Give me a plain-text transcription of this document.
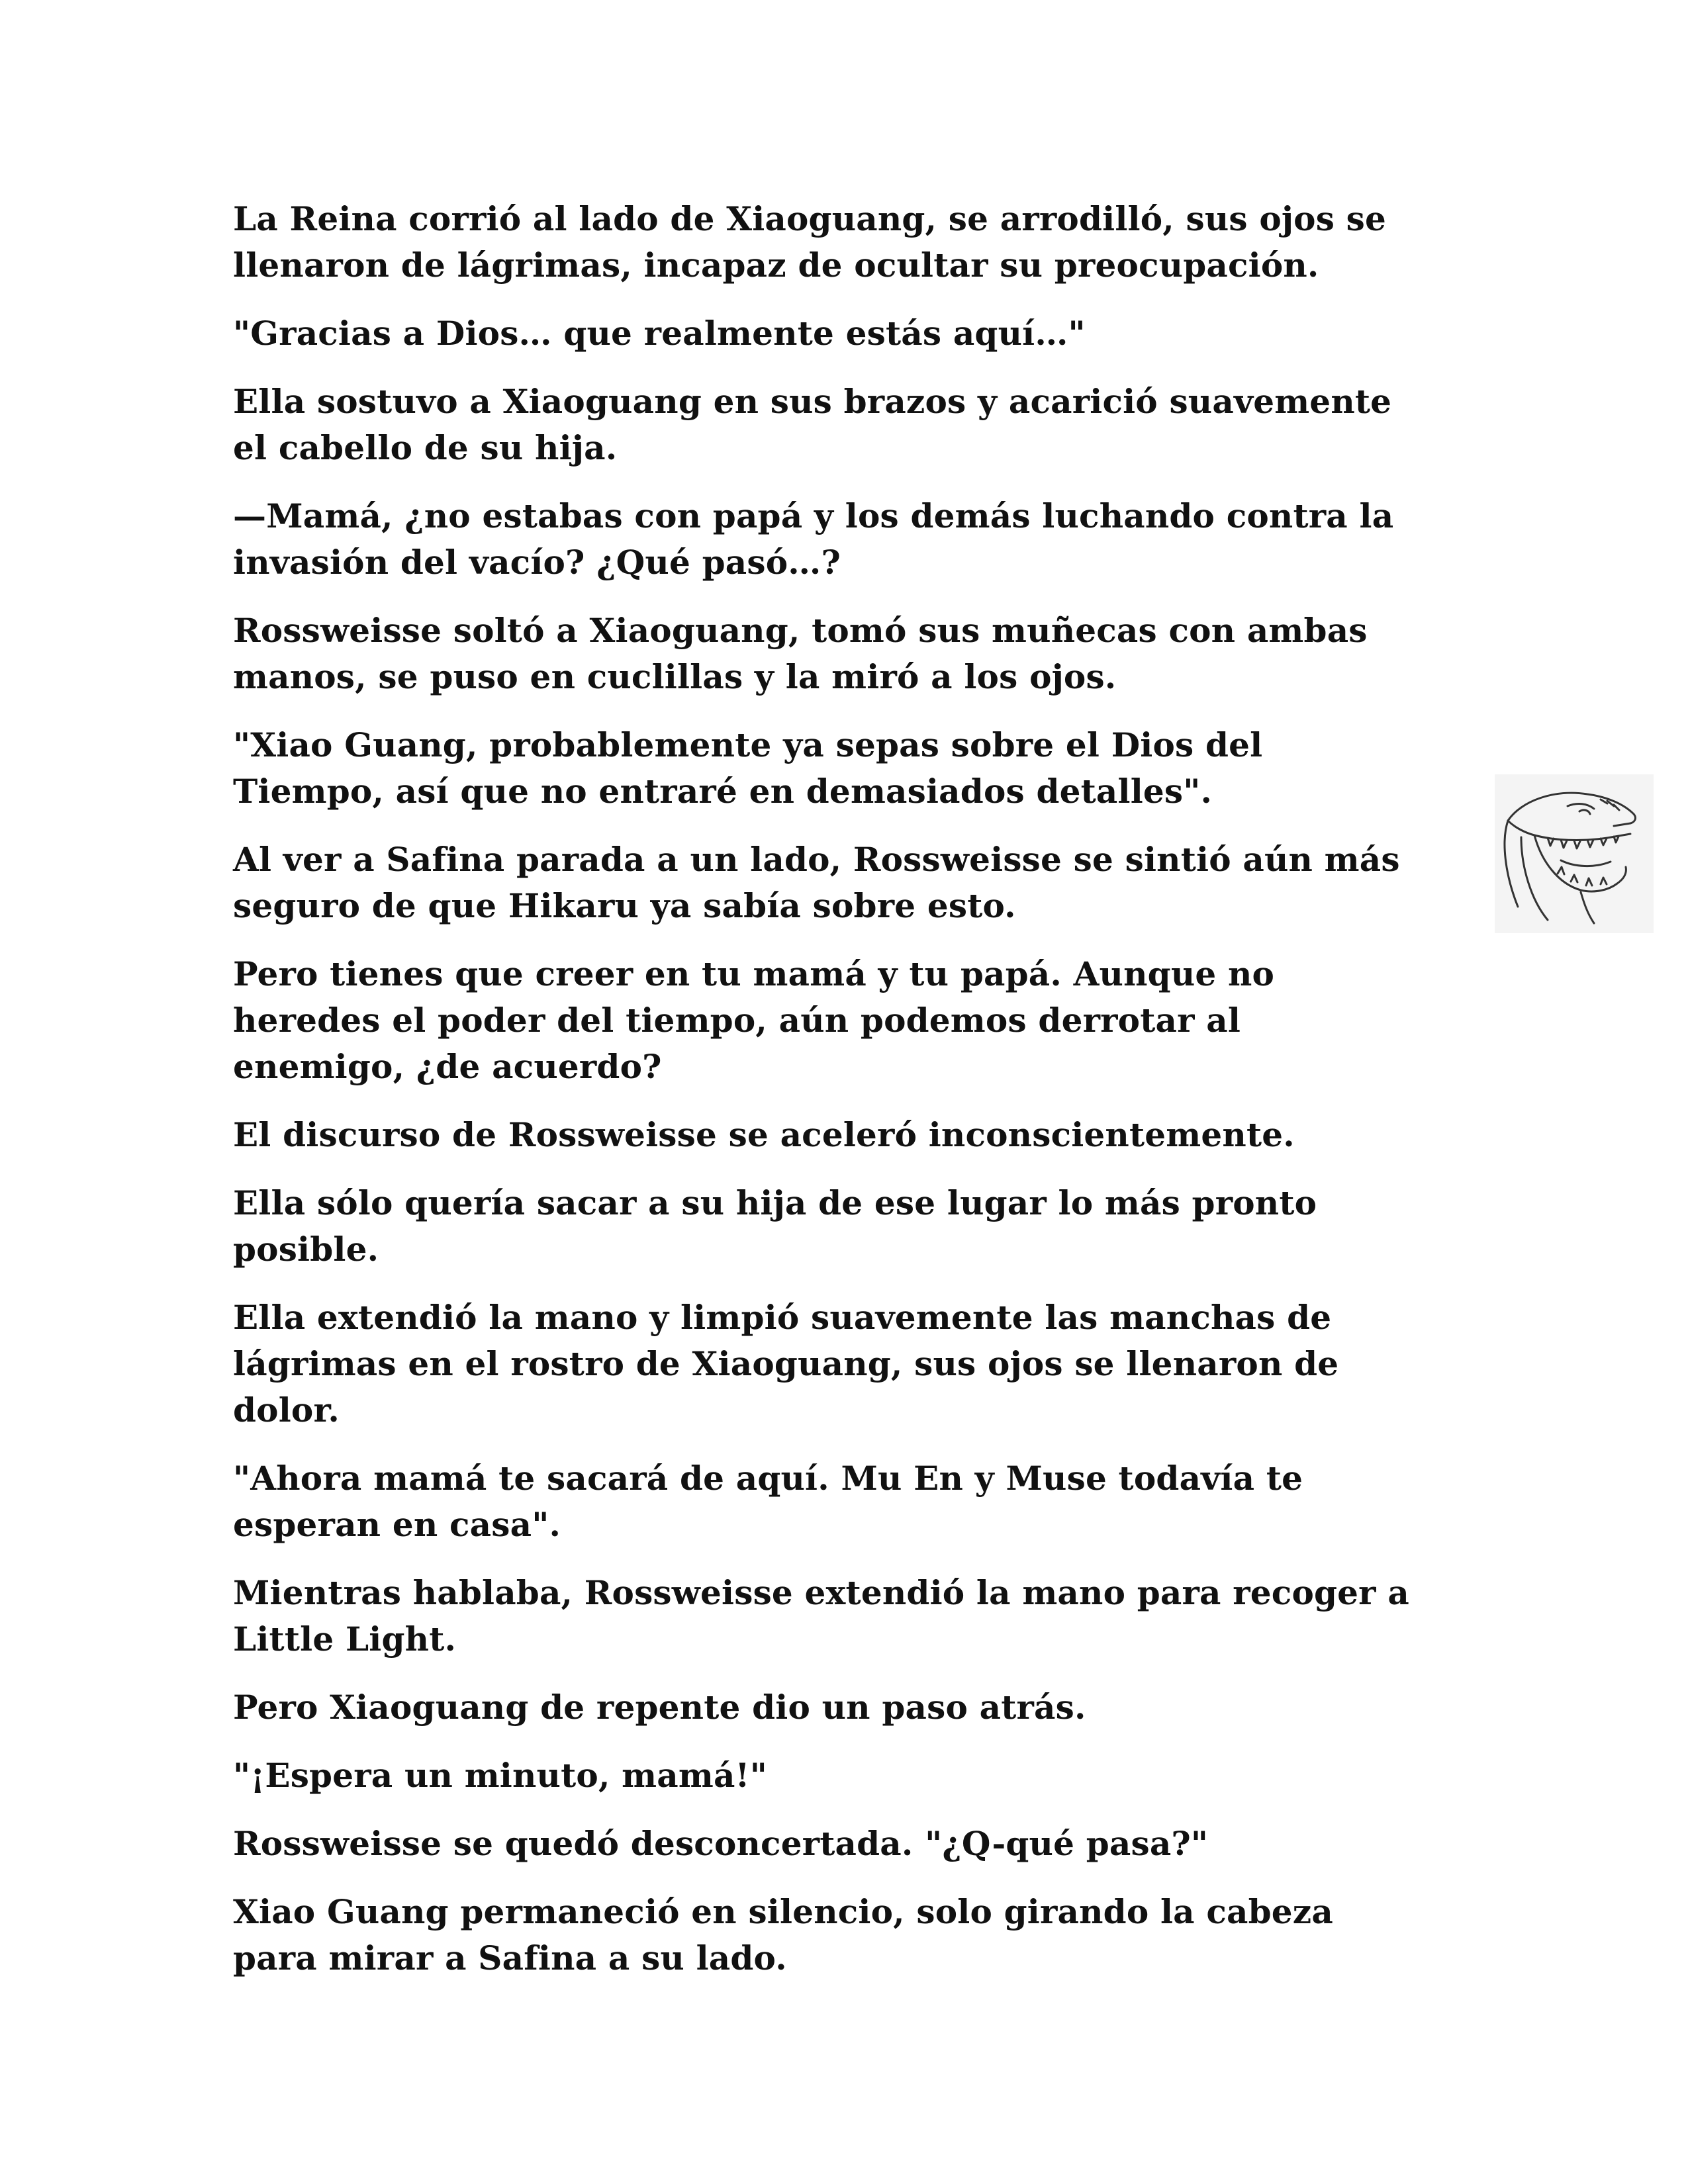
La Reina corrió al lado de Xiaoguang, se arrodilló, sus ojos se
llenaron de lágrimas, incapaz de ocultar su preocupación.

"Gracias a Dios… que realmente estás aquí…"

Ella sostuvo a Xiaoguang en sus brazos y acarició suavemente
el cabello de su hija.

—Mamá, ¿no estabas con papá y los demás luchando contra la
invasión del vacío? ¿Qué pasó…?

Rossweisse soltó a Xiaoguang, tomó sus muñecas con ambas
manos, se puso en cuclillas y la miró a los ojos.

"Xiao Guang, probablemente ya sepas sobre el Dios del
Tiempo, así que no entraré en demasiados detalles".

Al ver a Safina parada a un lado, Rossweisse se sintió aún más
seguro de que Hikaru ya sabía sobre esto.

Pero tienes que creer en tu mamá y tu papá. Aunque no
heredes el poder del tiempo, aún podemos derrotar al
enemigo, ¿de acuerdo?

El discurso de Rossweisse se aceleró inconscientemente.

Ella sólo quería sacar a su hija de ese lugar lo más pronto
posible.

Ella extendió la mano y limpió suavemente las manchas de
lágrimas en el rostro de Xiaoguang, sus ojos se llenaron de
dolor.

"Ahora mamá te sacará de aquí. Mu En y Muse todavía te
esperan en casa".

Mientras hablaba, Rossweisse extendió la mano para recoger a
Little Light.

Pero Xiaoguang de repente dio un paso atrás.

"¡Espera un minuto, mamá!"

Rossweisse se quedó desconcertada. "¿Q-qué pasa?"

Xiao Guang permaneció en silencio, solo girando la cabeza
para mirar a Safina a su lado.
